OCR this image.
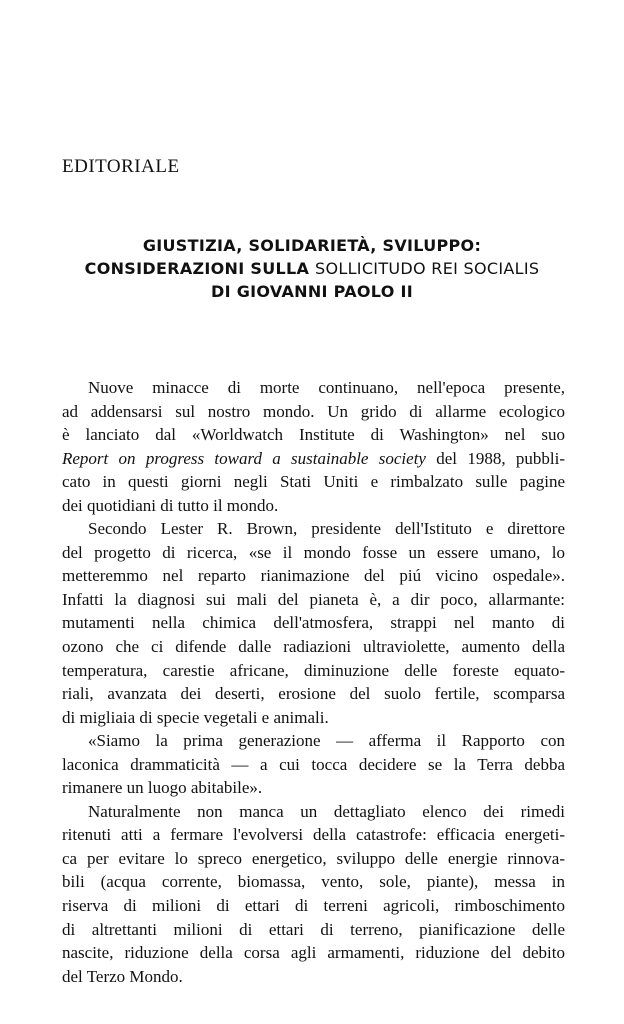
EDITORIALE
GIUSTIZIA, SOLIDARIETÀ, SVILUPPO:
CONSIDERAZIONI SULLA SOLLICITUDO REI SOCIALIS
DI GIOVANNI PAOLO II
Nuove minacce di morte continuano, nell'epoca presente,
ad addensarsi sul nostro mondo. Un grido di allarme ecologico
è lanciato dal «Worldwatch Institute di Washington» nel suo
Report on progress toward a sustainable society del 1988, pubbli-
cato in questi giorni negli Stati Uniti e rimbalzato sulle pagine
dei quotidiani di tutto il mondo.
Secondo Lester R. Brown, presidente dell'Istituto e direttore
del progetto di ricerca, «se il mondo fosse un essere umano, lo
metteremmo nel reparto rianimazione del piú vicino ospedale».
Infatti la diagnosi sui mali del pianeta è, a dir poco, allarmante:
mutamenti nella chimica dell'atmosfera, strappi nel manto di
ozono che ci difende dalle radiazioni ultraviolette, aumento della
temperatura, carestie africane, diminuzione delle foreste equato-
riali, avanzata dei deserti, erosione del suolo fertile, scomparsa
di migliaia di specie vegetali e animali.
«Siamo la prima generazione — afferma il Rapporto con
laconica drammaticità — a cui tocca decidere se la Terra debba
rimanere un luogo abitabile».
Naturalmente non manca un dettagliato elenco dei rimedi
ritenuti atti a fermare l'evolversi della catastrofe: efficacia energeti-
ca per evitare lo spreco energetico, sviluppo delle energie rinnova-
bili (acqua corrente, biomassa, vento, sole, piante), messa in
riserva di milioni di ettari di terreni agricoli, rimboschimento
di altrettanti milioni di ettari di terreno, pianificazione delle
nascite, riduzione della corsa agli armamenti, riduzione del debito
del Terzo Mondo.
